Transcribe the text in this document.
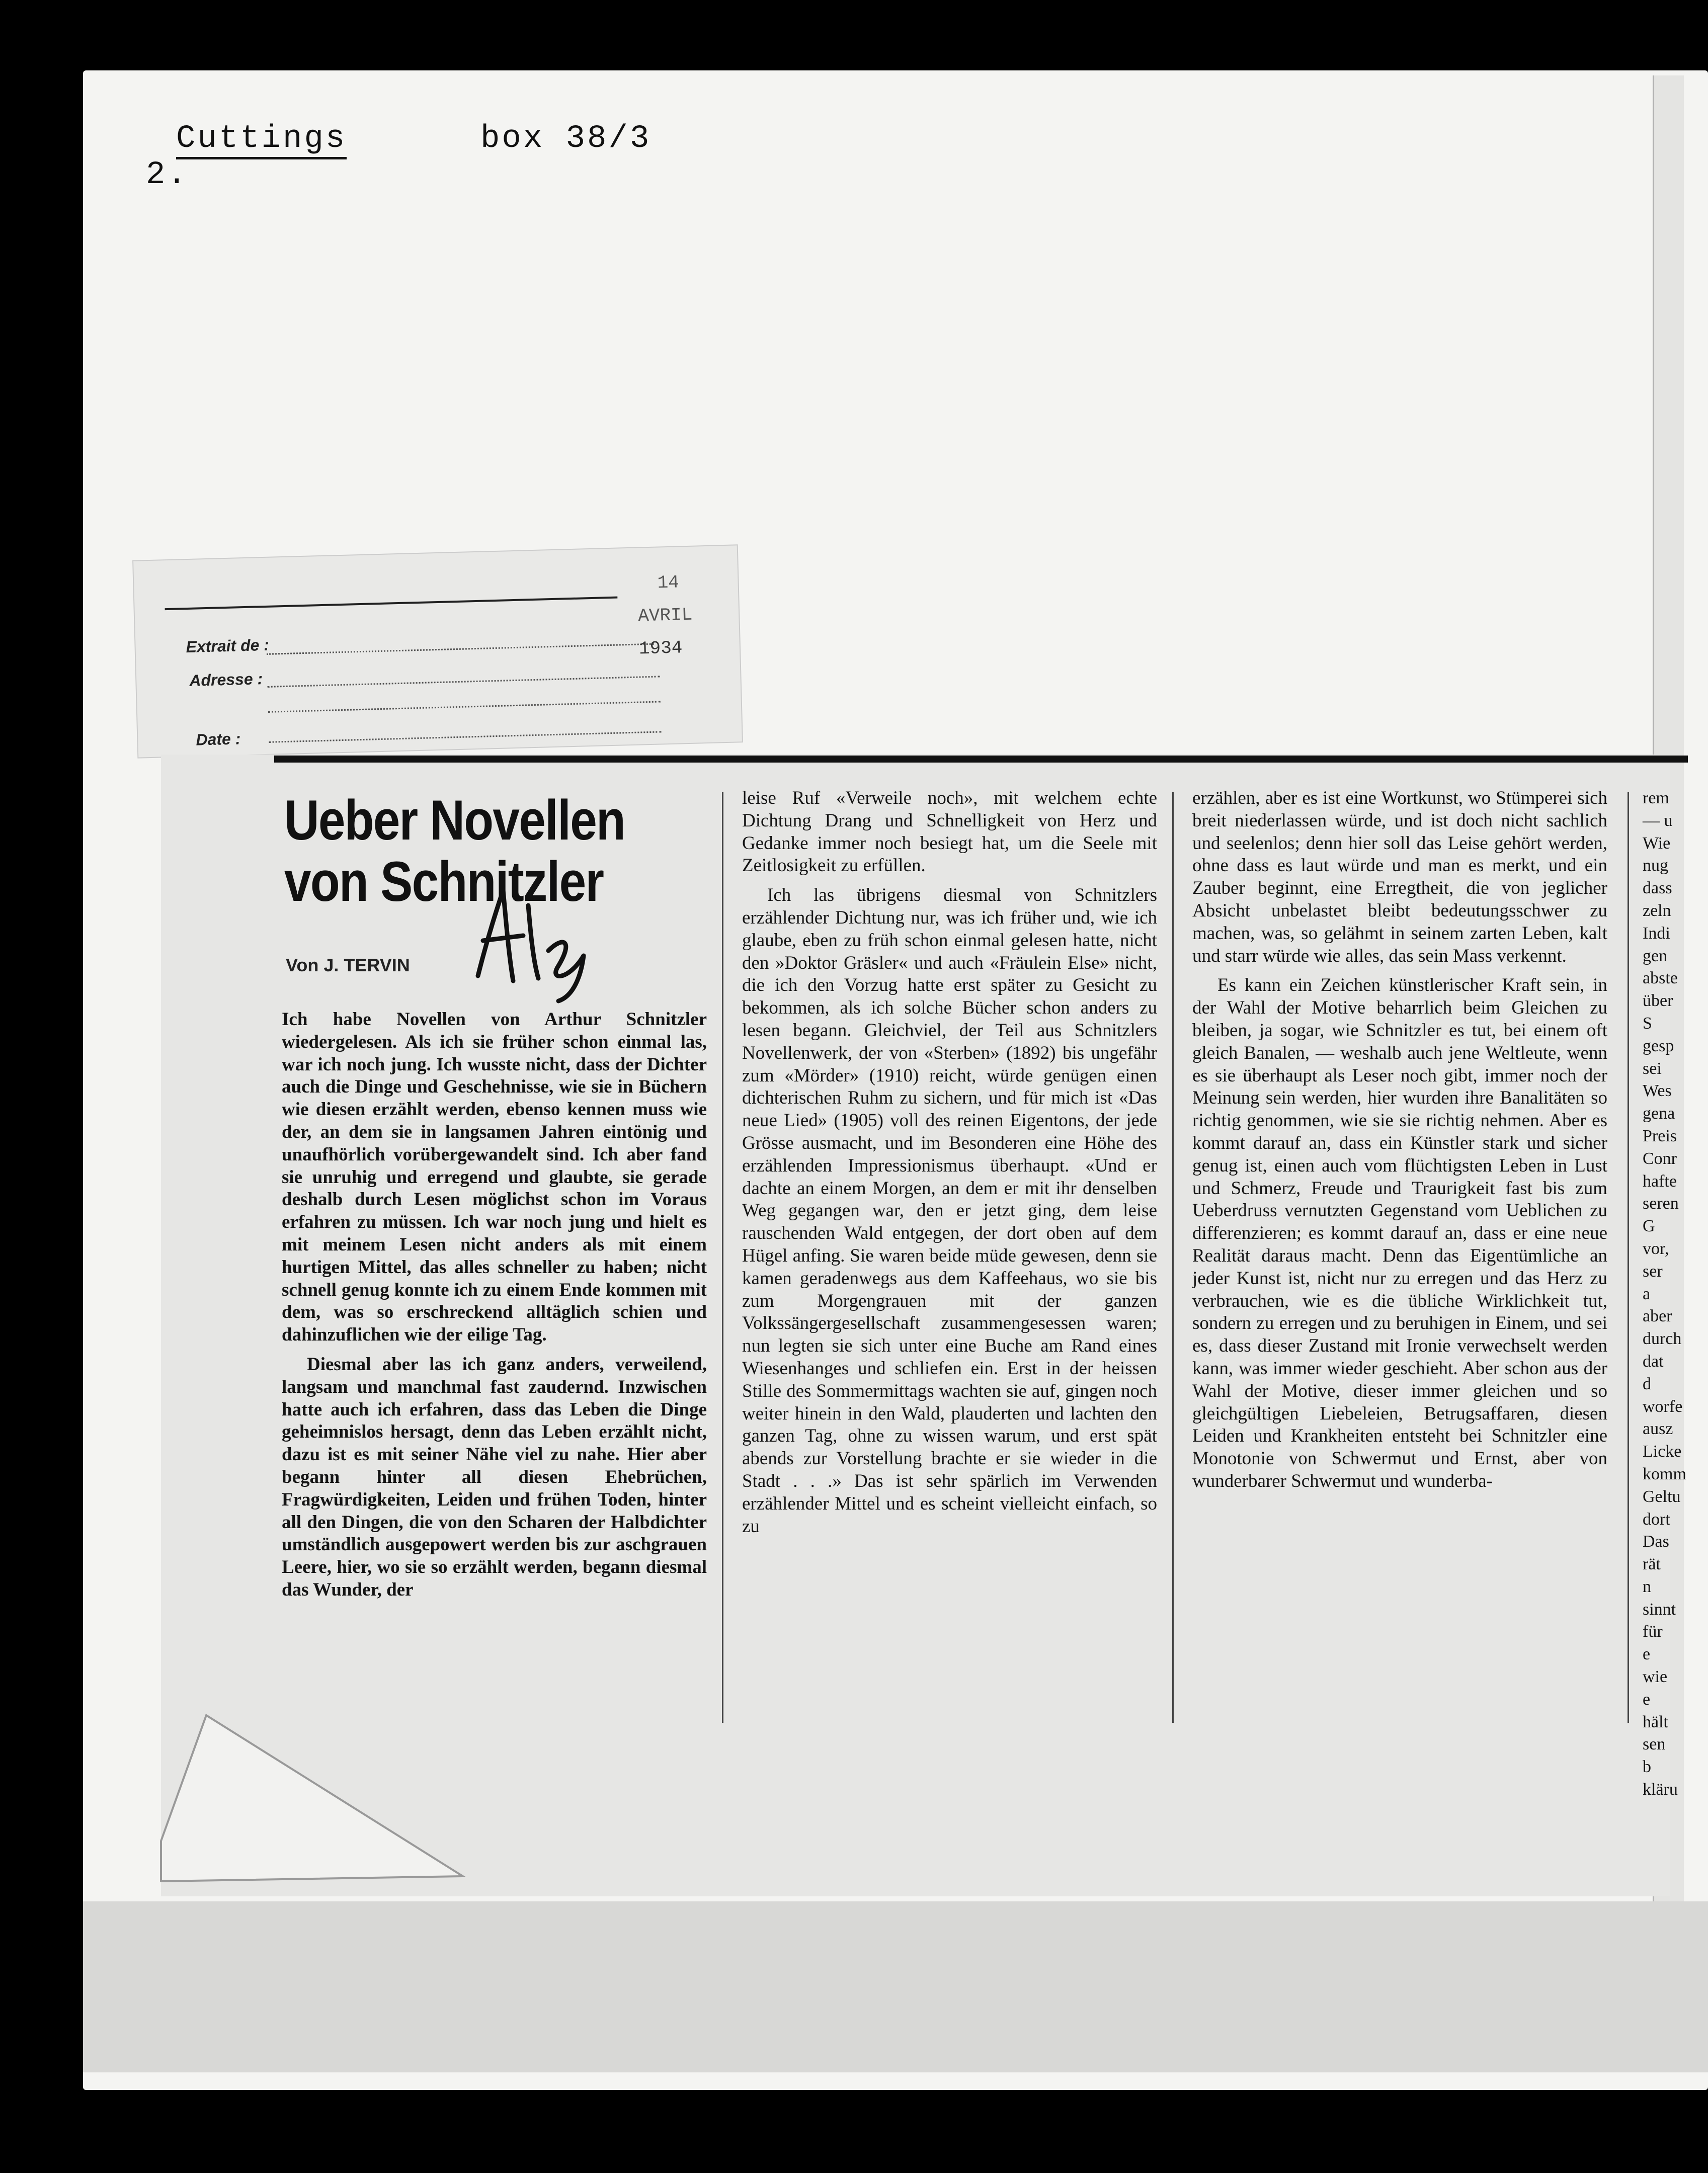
2.

Cuttings

	box 38/3

Extrait de :
Adresse :
Date :
14
AVRIL
1934
Ueber Novellen
von Schnitzler
Von J. TERVIN

Ich habe Novellen von Arthur Schnitzler wiedergelesen. Als ich sie früher schon einmal las, war ich noch jung. Ich wusste nicht, dass der Dichter auch die Dinge und Geschehnisse, wie sie in Büchern wie diesen erzählt werden, ebenso kennen muss wie der, an dem sie in langsamen Jahren eintönig und unaufhörlich vorübergewandelt sind. Ich aber fand sie unruhig und erregend und glaubte, sie gerade deshalb durch Lesen möglichst schon im Voraus erfahren zu müssen. Ich war noch jung und hielt es mit meinem Lesen nicht anders als mit einem hurtigen Mittel, das alles schneller zu haben; nicht schnell genug konnte ich zu einem Ende kommen mit dem, was so erschreckend alltäglich schien und dahinzuflichen wie der eilige Tag.

Diesmal aber las ich ganz anders, verweilend, langsam und manchmal fast zaudernd. Inzwischen hatte auch ich erfahren, dass das Leben die Dinge geheimnislos hersagt, denn das Leben erzählt nicht, dazu ist es mit seiner Nähe viel zu nahe. Hier aber begann hinter all diesen Ehebrüchen, Fragwürdigkeiten, Leiden und frühen Toden, hinter all den Dingen, die von den Scharen der Halbdichter umständlich ausgepowert werden bis zur aschgrauen Leere, hier, wo sie so erzählt werden, begann diesmal das Wunder, der

leise Ruf «Verweile noch», mit welchem echte Dichtung Drang und Schnelligkeit von Herz und Gedanke immer noch besiegt hat, um die Seele mit Zeitlosigkeit zu erfüllen.

Ich las übrigens diesmal von Schnitzlers erzählender Dichtung nur, was ich früher und, wie ich glaube, eben zu früh schon einmal gelesen hatte, nicht den »Doktor Gräsler« und auch «Fräulein Else» nicht, die ich den Vorzug hatte erst später zu Gesicht zu bekommen, als ich solche Bücher schon anders zu lesen begann. Gleichviel, der Teil aus Schnitzlers Novellenwerk, der von «Sterben» (1892) bis ungefähr zum «Mörder» (1910) reicht, würde genügen einen dichterischen Ruhm zu sichern, und für mich ist «Das neue Lied» (1905) voll des reinen Eigentons, der jede Grösse ausmacht, und im Besonderen eine Höhe des erzählenden Impressionismus überhaupt. «Und er dachte an einem Morgen, an dem er mit ihr denselben Weg gegangen war, den er jetzt ging, dem leise rauschenden Wald entgegen, der dort oben auf dem Hügel anfing. Sie waren beide müde gewesen, denn sie kamen geradenwegs aus dem Kaffeehaus, wo sie bis zum Morgengrauen mit der ganzen Volkssängergesellschaft zusammengesessen waren; nun legten sie sich unter eine Buche am Rand eines Wiesenhanges und schliefen ein. Erst in der heissen Stille des Sommermittags wachten sie auf, gingen noch weiter hinein in den Wald, plauderten und lachten den ganzen Tag, ohne zu wissen warum, und erst spät abends zur Vorstellung brachte er sie wieder in die Stadt . . .» Das ist sehr spärlich im Verwenden erzählender Mittel und es scheint vielleicht einfach, so zu

erzählen, aber es ist eine Wortkunst, wo Stümperei sich breit niederlassen würde, und ist doch nicht sachlich und seelenlos; denn hier soll das Leise gehört werden, ohne dass es laut würde und man es merkt, und ein Zauber beginnt, eine Erregtheit, die von jeglicher Absicht unbelastet bleibt bedeutungsschwer zu machen, was, so gelähmt in seinem zarten Leben, kalt und starr würde wie alles, das sein Mass verkennt.

Es kann ein Zeichen künstlerischer Kraft sein, in der Wahl der Motive beharrlich beim Gleichen zu bleiben, ja sogar, wie Schnitzler es tut, bei einem oft gleich Banalen, — weshalb auch jene Weltleute, wenn es sie überhaupt als Leser noch gibt, immer noch der Meinung sein werden, hier wurden ihre Banalitäten so richtig genommen, wie sie sie richtig nehmen. Aber es kommt darauf an, dass ein Künstler stark und sicher genug ist, einen auch vom flüchtigsten Leben in Lust und Schmerz, Freude und Traurigkeit fast bis zum Ueberdruss vernutzten Gegenstand vom Ueblichen zu differenzieren; es kommt darauf an, dass er eine neue Realität daraus macht. Denn das Eigentümliche an jeder Kunst ist, nicht nur zu erregen und das Herz zu verbrauchen, wie es die übliche Wirklichkeit tut, sondern zu erregen und zu beruhigen in Einem, und sei es, dass dieser Zustand mit Ironie verwechselt werden kann, was immer wieder geschieht. Aber schon aus der Wahl der Motive, dieser immer gleichen und so gleichgültigen Liebeleien, Betrugsaffaren, diesen Leiden und Krankheiten entsteht bei Schnitzler eine Monotonie von Schwermut und Ernst, aber von wunderbarer Schwermut und wunderba-

rem
— u
Wie
nug
dass
zeln
Indi
gen
abste
über
S
gesp
sei
Wes
gena
Preis
Conr
hafte
seren
G
vor,
ser a
aber
durch
dat d
worfe
ausz
Licke
komm
Geltu
dort
Das
rät n
sinnt
für e
wie e
hält
sen b
kläru
